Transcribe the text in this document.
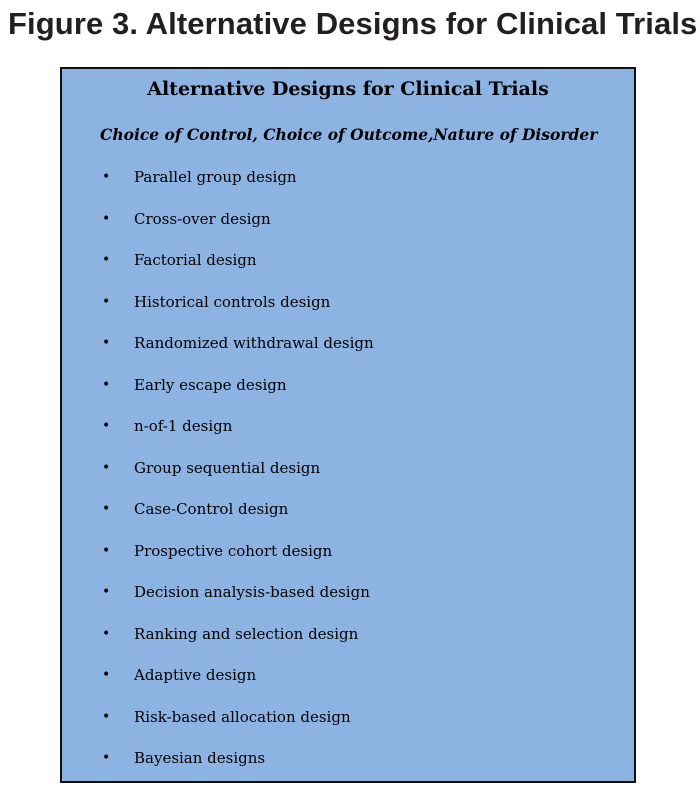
Figure 3. Alternative Designs for Clinical Trials
Alternative Designs for Clinical Trials

Choice of Control, Choice of Outcome,Nature of Disorder

• Parallel group design
• Cross-over design
• Factorial design
• Historical controls design
• Randomized withdrawal design
• Early escape design
• n-of-1 design
• Group sequential design
• Case-Control design
• Prospective cohort design
• Decision analysis-based design
• Ranking and selection design
• Adaptive design
• Risk-based allocation design
• Bayesian designs
